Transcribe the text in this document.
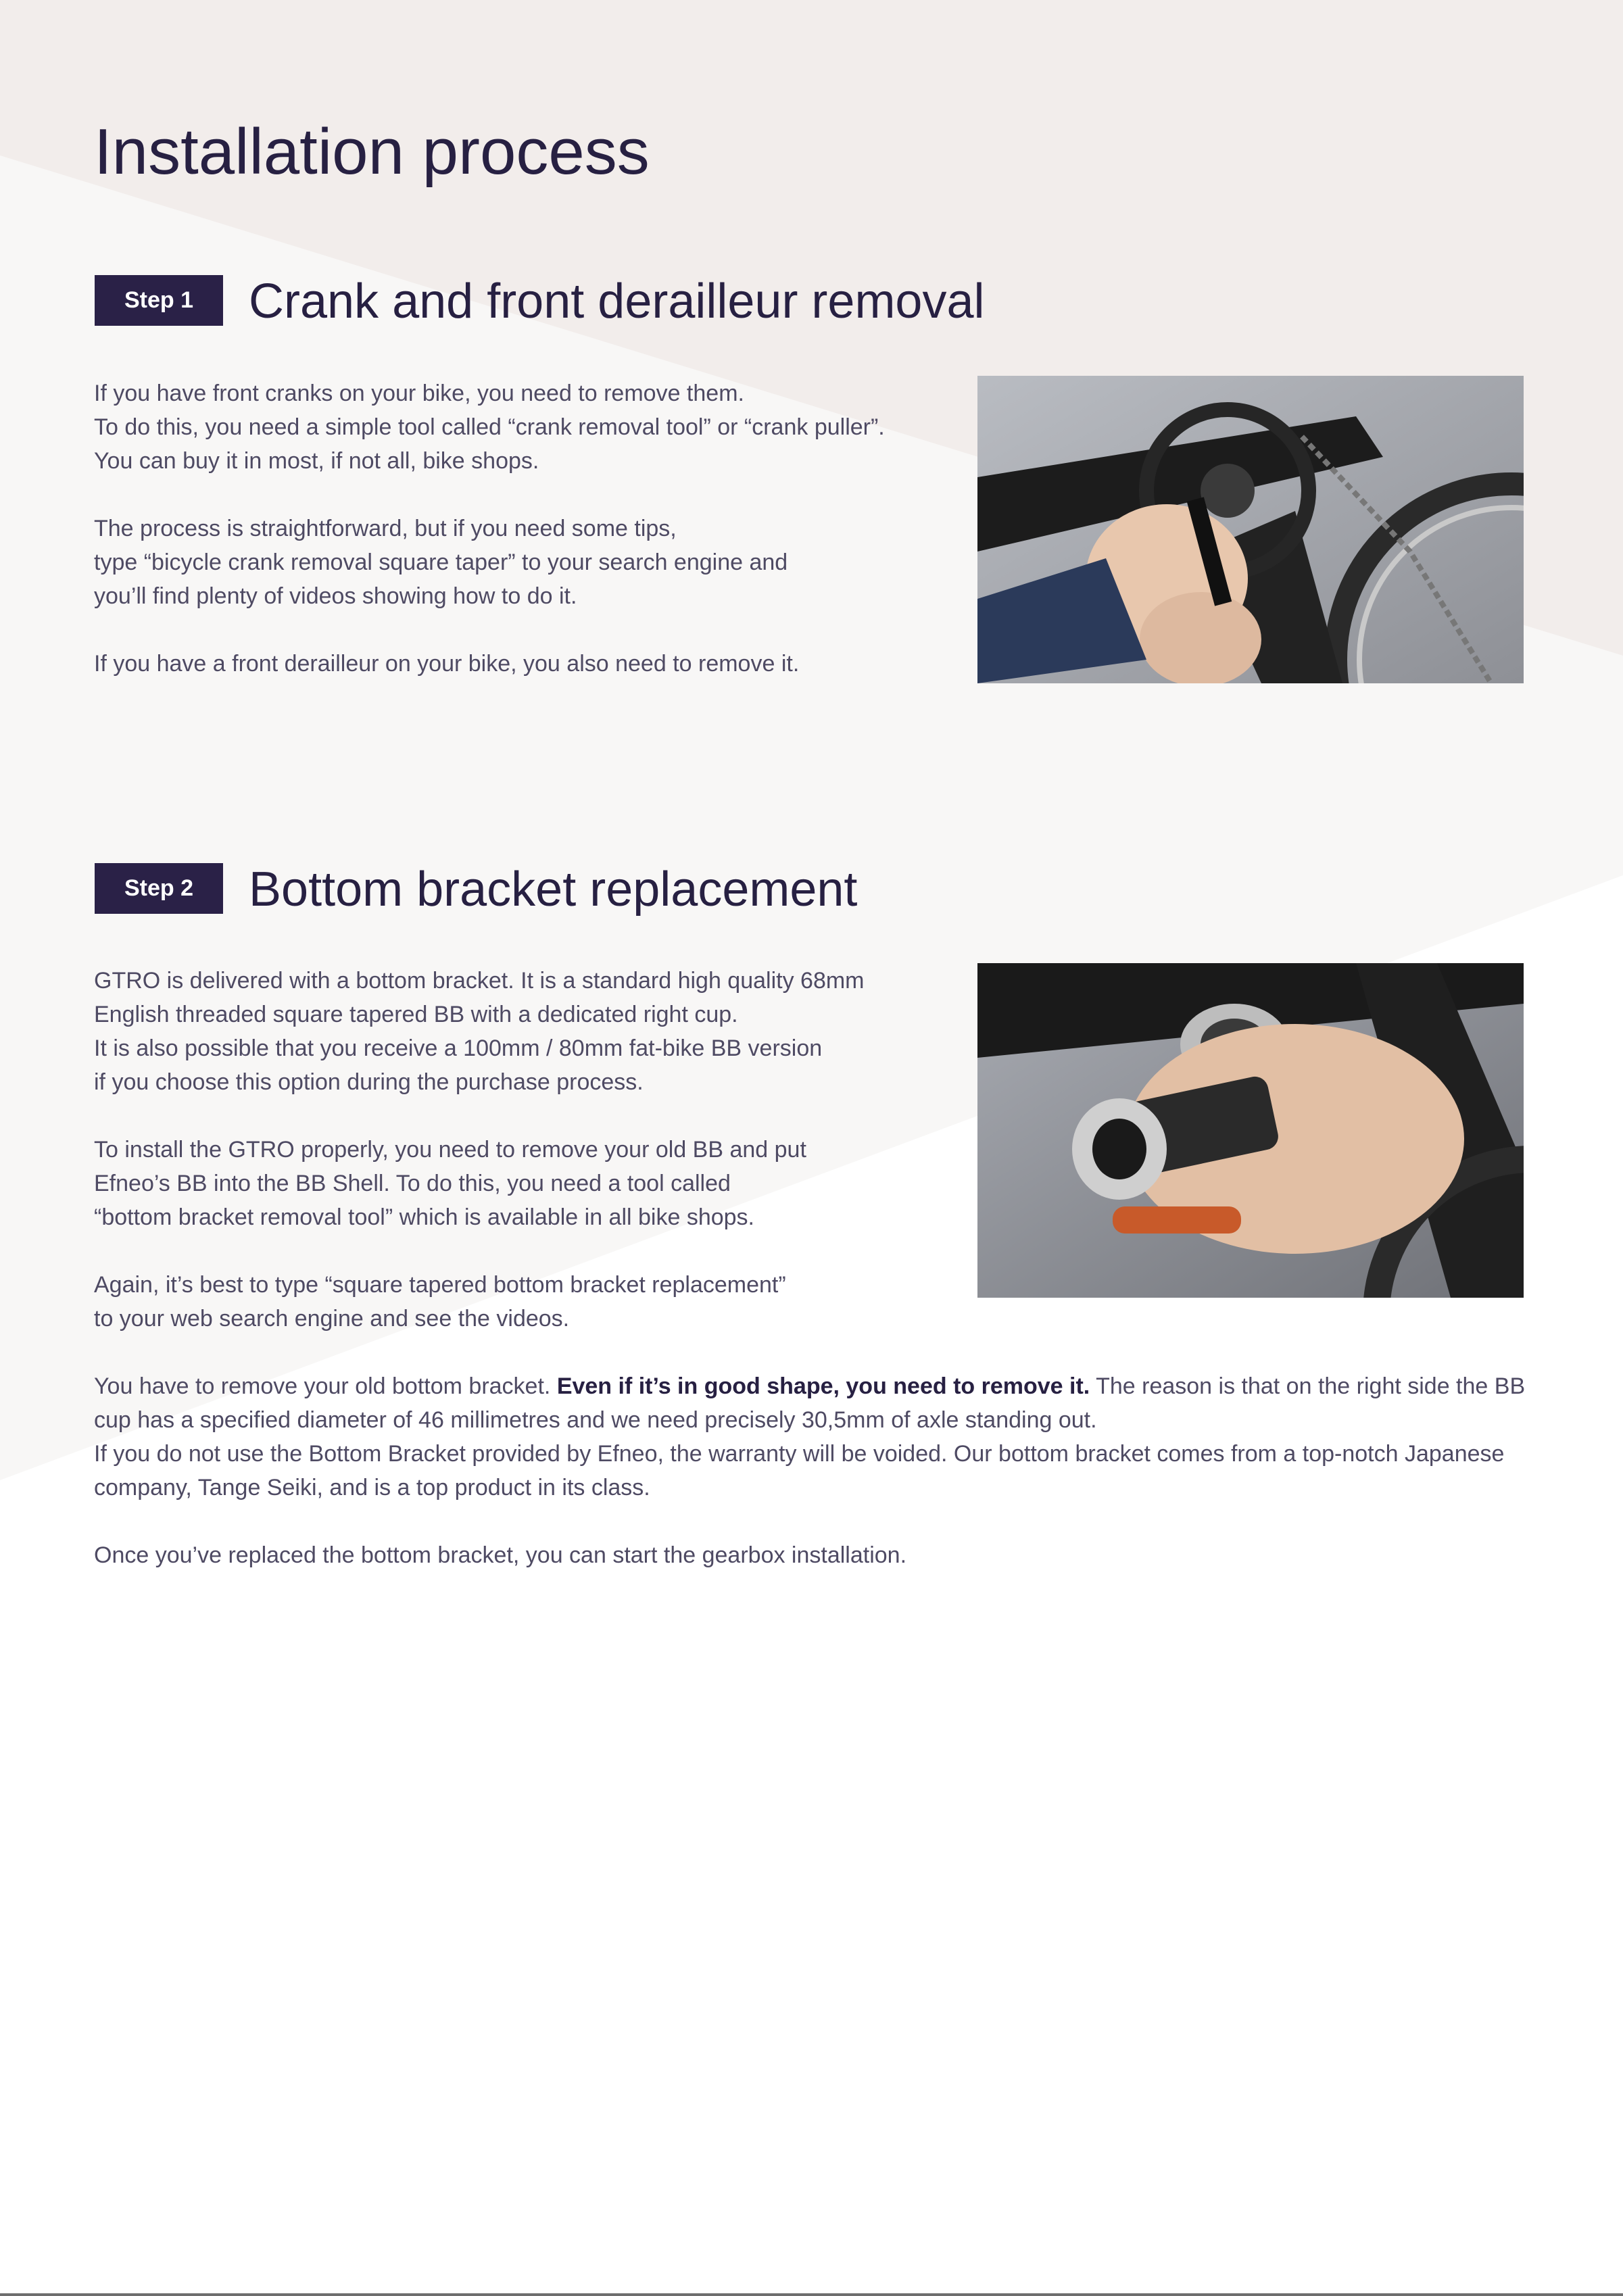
Installation process
Step 1	Crank and front derailleur removal
If you have front cranks on your bike, you need to remove them.
To do this, you need a simple tool called “crank removal tool” or “crank puller”.
You can buy it in most, if not all, bike shops.
The process is straightforward, but if you need some tips,
type “bicycle crank removal square taper” to your search engine and
you’ll find plenty of videos showing how to do it.
If you have a front derailleur on your bike, you also need to remove it.
Step 2	Bottom bracket replacement
GTRO is delivered with a bottom bracket. It is a standard high quality 68mm
English threaded square tapered BB with a dedicated right cup.
It is also possible that you receive a 100mm / 80mm fat-bike BB version
if you choose this option during the purchase process.
To install the GTRO properly, you need to remove your old BB and put
Efneo’s BB into the BB Shell. To do this, you need a tool called
“bottom bracket removal tool” which is available in all bike shops.
Again, it’s best to type “square tapered bottom bracket replacement”
to your web search engine and see the videos.
You have to remove your old bottom bracket. Even if it’s in good shape, you need to remove it. The reason is that on the right side the BB cup has a specified diameter of 46 millimetres and we need precisely 30,5mm of axle standing out.
If you do not use the Bottom Bracket provided by Efneo, the warranty will be voided. Our bottom bracket comes from a top-notch Japanese company, Tange Seiki, and is a top product in its class.
Once you’ve replaced the bottom bracket, you can start the gearbox installation.
